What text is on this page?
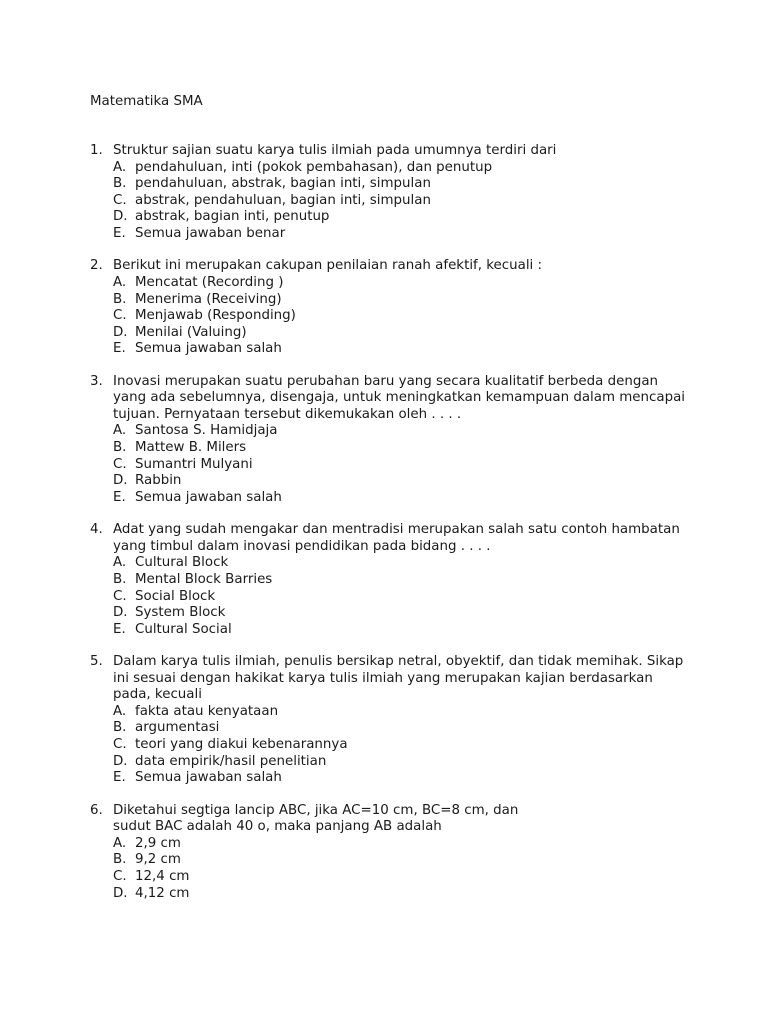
Matematika SMA
1. Struktur sajian suatu karya tulis ilmiah pada umumnya terdiri dari
A. pendahuluan, inti (pokok pembahasan), dan penutup
B. pendahuluan, abstrak, bagian inti, simpulan
C. abstrak, pendahuluan, bagian inti, simpulan
D. abstrak, bagian inti, penutup
E. Semua jawaban benar
2. Berikut ini merupakan cakupan penilaian ranah afektif, kecuali :
A. Mencatat (Recording )
B. Menerima (Receiving)
C. Menjawab (Responding)
D. Menilai (Valuing)
E. Semua jawaban salah
3. Inovasi merupakan suatu perubahan baru yang secara kualitatif berbeda dengan yang ada sebelumnya, disengaja, untuk meningkatkan kemampuan dalam mencapai tujuan. Pernyataan tersebut dikemukakan oleh . . . .
A. Santosa S. Hamidjaja
B. Mattew B. Milers
C. Sumantri Mulyani
D. Rabbin
E. Semua jawaban salah
4. Adat yang sudah mengakar dan mentradisi merupakan salah satu contoh hambatan yang timbul dalam inovasi pendidikan pada bidang . . . .
A. Cultural Block
B. Mental Block Barries
C. Social Block
D. System Block
E. Cultural Social
5. Dalam karya tulis ilmiah, penulis bersikap netral, obyektif, dan tidak memihak. Sikap ini sesuai dengan hakikat karya tulis ilmiah yang merupakan kajian berdasarkan pada, kecuali
A. fakta atau kenyataan
B. argumentasi
C. teori yang diakui kebenarannya
D. data empirik/hasil penelitian
E. Semua jawaban salah
6. Diketahui segtiga lancip ABC, jika AC=10 cm, BC=8 cm, dan
sudut BAC adalah 40 o, maka panjang AB adalah
A. 2,9 cm
B. 9,2 cm
C. 12,4 cm
D. 4,12 cm
